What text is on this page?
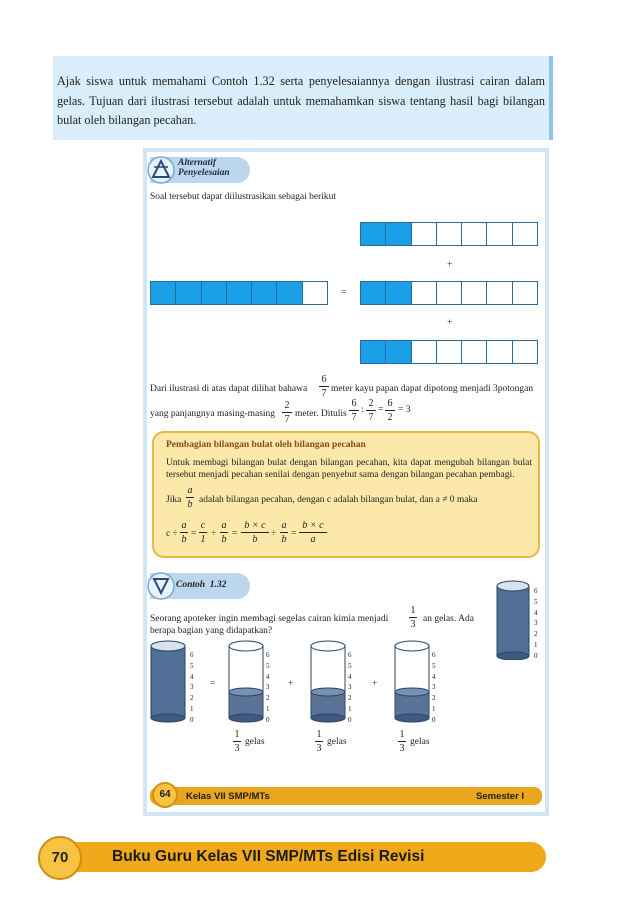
Ajak siswa untuk memahami Contoh 1.32 serta penyelesaiannya dengan ilustrasi cairan dalam gelas. Tujuan dari ilustrasi tersebut adalah untuk memahamkan siswa tentang hasil bagi bilangan bulat oleh bilangan pecahan.
Alternatif
Penyelesaian
Soal tersebut dapat diilustrasikan sebagai berikut
+
=
+
Dari ilustrasi di atas dapat dilihat bahawa
6
7 meter kayu papan dapat dipotong menjadi 3potongan
yang panjangnya masing-masing
2
7 meter. Ditulis
6
7
:
2
7
=
6
2
= 3
Pembagian bilangan bulat oleh bilangan pecahan
Untuk membagi bilangan bulat dengan bilangan pecahan, kita dapat mengubah bilangan bulat tersebut menjadi pecahan senilai dengan penyebut sama dengan bilangan pecahan pembagi.
Jika
a
b adalah bilangan pecahan, dengan c adalah bilangan bulat, dan a ≠ 0 maka
c ÷
a
b =
c
1 ÷
a
b =
b × c
b	÷
a
b =
b × c
a
Contoh 1.32
Seorang apoteker ingin membagi segelas cairan kimia menjadi
1
3 an gelas. Ada
berapa bagian yang didapatkan?
6
5
4
3
2
1
0
6
5
4
3
2
1
0
=
6
5
4
3
2
1
0
+
6
5
4
3
2
1
0
+
6
5
4
3
2
1
0
1
3
gelas
1
3
gelas
1
3
gelas
64	Kelas VII SMP/MTs	Semester I
70	Buku Guru Kelas VII SMP/MTs Edisi Revisi
